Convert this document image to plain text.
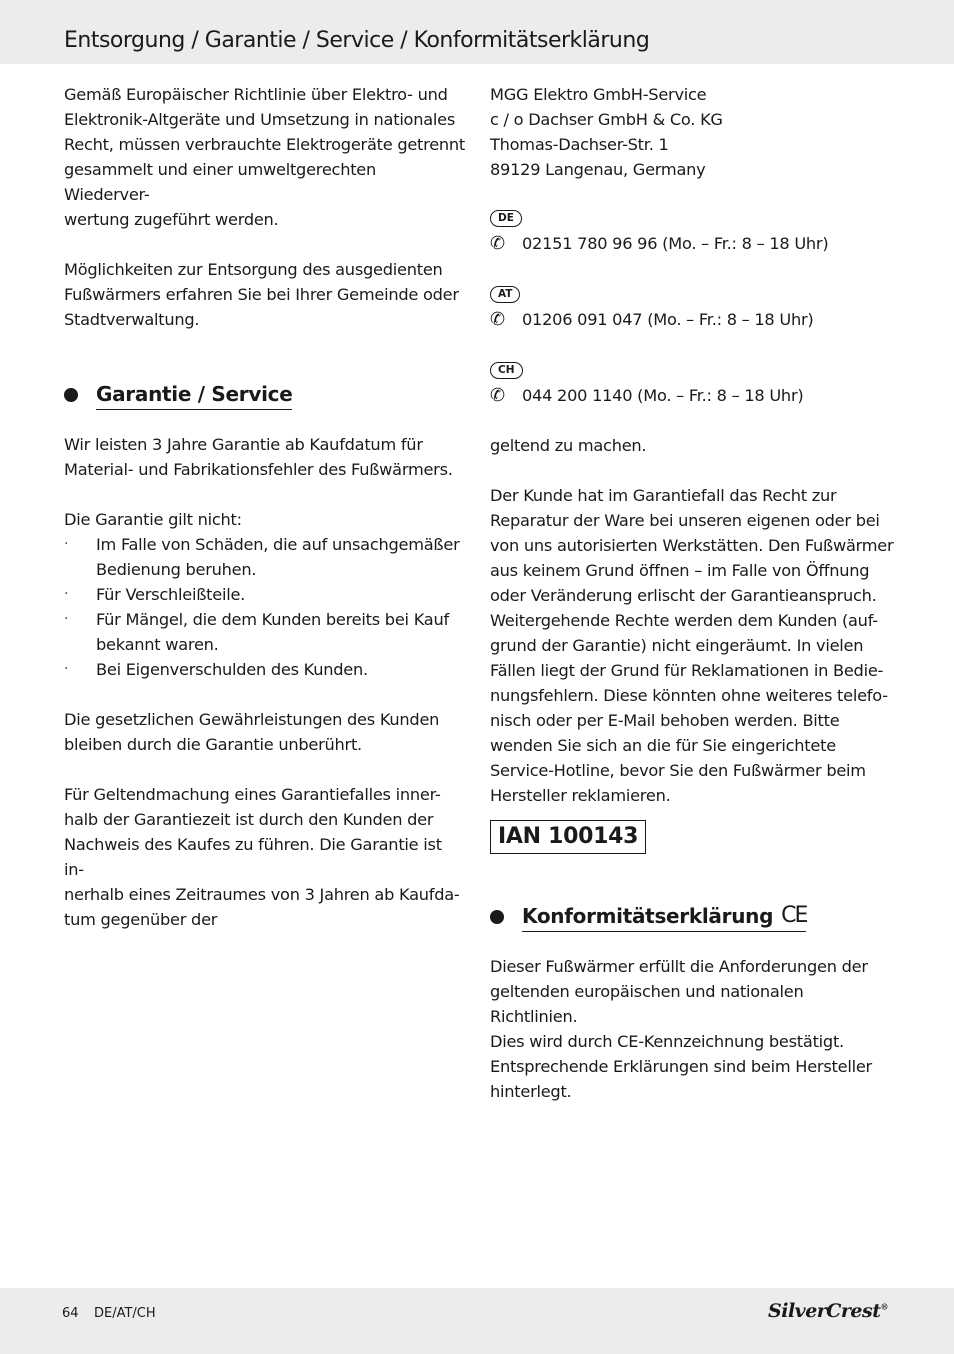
Entsorgung / Garantie / Service / Konformitätserklärung

Gemäß Europäischer Richtlinie über Elektro- und

Elektronik-Altgeräte und Umsetzung in nationales

Recht, müssen verbrauchte Elektrogeräte getrennt

gesammelt und einer umweltgerechten Wiederver-

wertung zugeführt werden.

Möglichkeiten zur Entsorgung des ausgedienten

Fußwärmers erfahren Sie bei Ihrer Gemeinde oder

Stadtverwaltung.

Garantie / Service

Wir leisten 3 Jahre Garantie ab Kaufdatum für

Material- und Fabrikationsfehler des Fußwärmers.

Die Garantie gilt nicht:

· Im Falle von Schäden, die auf unsachgemäßer
Bedienung beruhen.
· Für Verschleißteile.
· Für Mängel, die dem Kunden bereits bei Kauf
bekannt waren.
· Bei Eigenverschulden des Kunden.

Die gesetzlichen Gewährleistungen des Kunden

bleiben durch die Garantie unberührt.

Für Geltendmachung eines Garantiefalles inner-

halb der Garantiezeit ist durch den Kunden der

Nachweis des Kaufes zu führen. Die Garantie ist in-

nerhalb eines Zeitraumes von 3 Jahren ab Kaufda-

tum gegenüber der

MGG Elektro GmbH-Service

c / o Dachser GmbH & Co. KG

Thomas-Dachser-Str. 1

89129 Langenau, Germany

DE
✆	02151 780 96 96 (Mo. – Fr.: 8 – 18 Uhr)
AT
✆	01206 091 047 (Mo. – Fr.: 8 – 18 Uhr)
CH
✆	044 200 1140 (Mo. – Fr.: 8 – 18 Uhr)

geltend zu machen.

Der Kunde hat im Garantiefall das Recht zur

Reparatur der Ware bei unseren eigenen oder bei

von uns autorisierten Werkstätten. Den Fußwärmer

aus keinem Grund öffnen – im Falle von Öffnung

oder Veränderung erlischt der Garantieanspruch.

Weitergehende Rechte werden dem Kunden (auf-

grund der Garantie) nicht eingeräumt. In vielen

Fällen liegt der Grund für Reklamationen in Bedie-

nungsfehlern. Diese könnten ohne weiteres telefo-

nisch oder per E-Mail behoben werden. Bitte

wenden Sie sich an die für Sie eingerichtete

Service-Hotline, bevor Sie den Fußwärmer beim

Hersteller reklamieren.

IAN 100143
Konformitätserklärung CE

Dieser Fußwärmer erfüllt die Anforderungen der

geltenden europäischen und nationalen Richtlinien.

Dies wird durch CE-Kennzeichnung bestätigt.

Entsprechende Erklärungen sind beim Hersteller

hinterlegt.

64 DE/AT/CH	SilverCrest®
